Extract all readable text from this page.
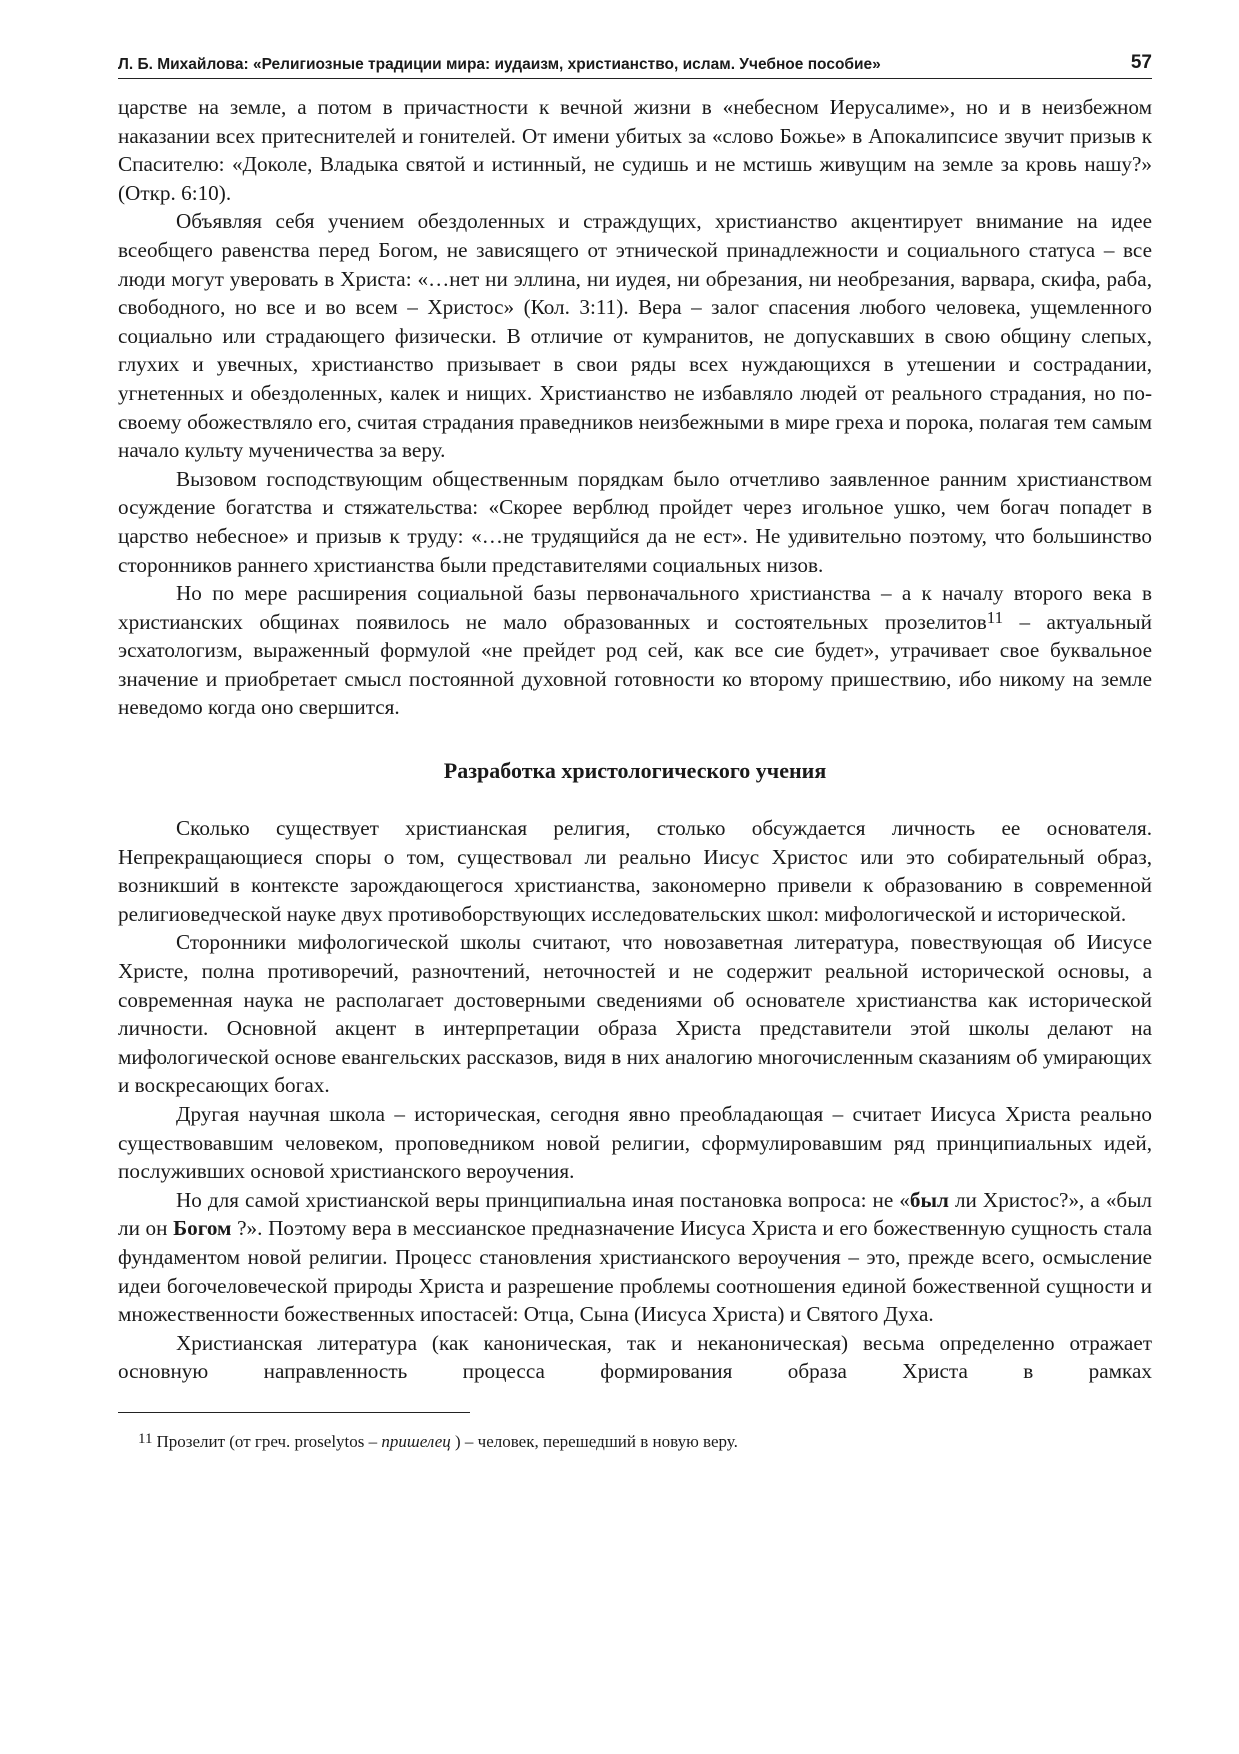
Л. Б. Михайлова: «Религиозные традиции мира: иудаизм, христианство, ислам. Учебное пособие»	57

царстве на земле, а потом в причастности к вечной жизни в «небесном Иерусалиме», но и в неизбежном наказании всех притеснителей и гонителей. От имени убитых за «слово Божье» в Апокалипсисе звучит призыв к Спасителю: «Доколе, Владыка святой и истинный, не судишь и не мстишь живущим на земле за кровь нашу?» (Откр. 6:10).

Объявляя себя учением обездоленных и страждущих, христианство акцентирует внимание на идее всеобщего равенства перед Богом, не зависящего от этнической принадлежности и социального статуса – все люди могут уверовать в Христа: «…нет ни эллина, ни иудея, ни обрезания, ни необрезания, варвара, скифа, раба, свободного, но все и во всем – Христос» (Кол. 3:11). Вера – залог спасения любого человека, ущемленного социально или страдающего физически. В отличие от кумранитов, не допускавших в свою общину слепых, глухих и увечных, христианство призывает в свои ряды всех нуждающихся в утешении и сострадании, угнетенных и обездоленных, калек и нищих. Христианство не избавляло людей от реального страдания, но по-своему обожествляло его, считая страдания праведников неизбежными в мире греха и порока, полагая тем самым начало культу мученичества за веру.

Вызовом господствующим общественным порядкам было отчетливо заявленное ранним христианством осуждение богатства и стяжательства: «Скорее верблюд пройдет через игольное ушко, чем богач попадет в царство небесное» и призыв к труду: «…не трудящийся да не ест». Не удивительно поэтому, что большинство сторонников раннего христианства были представителями социальных низов.

Но по мере расширения социальной базы первоначального христианства – а к началу второго века в христианских общинах появилось не мало образованных и состоятельных прозелитов$^{11}$ – актуальный эсхатологизм, выраженный формулой «не прейдет род сей, как все сие будет», утрачивает свое буквальное значение и приобретает смысл постоянной духовной готовности ко второму пришествию, ибо никому на земле неведомо когда оно свершится.

Разработка христологического учения

Сколько существует христианская религия, столько обсуждается личность ее основателя. Непрекращающиеся споры о том, существовал ли реально Иисус Христос или это собирательный образ, возникший в контексте зарождающегося христианства, закономерно привели к образованию в современной религиоведческой науке двух противоборствующих исследовательских школ: мифологической и исторической.

Сторонники мифологической школы считают, что новозаветная литература, повествующая об Иисусе Христе, полна противоречий, разночтений, неточностей и не содержит реальной исторической основы, а современная наука не располагает достоверными сведениями об основателе христианства как исторической личности. Основной акцент в интерпретации образа Христа представители этой школы делают на мифологической основе евангельских рассказов, видя в них аналогию многочисленным сказаниям об умирающих и воскресающих богах.

Другая научная школа – историческая, сегодня явно преобладающая – считает Иисуса Христа реально существовавшим человеком, проповедником новой религии, сформулировавшим ряд принципиальных идей, послуживших основой христианского вероучения.

Но для самой христианской веры принципиальна иная постановка вопроса: не «был ли Христос?», а «был ли он Богом ?». Поэтому вера в мессианское предназначение Иисуса Христа и его божественную сущность стала фундаментом новой религии. Процесс становления христианского вероучения – это, прежде всего, осмысление идеи богочеловеческой природы Христа и разрешение проблемы соотношения единой божественной сущности и множественности божественных ипостасей: Отца, Сына (Иисуса Христа) и Святого Духа.

Христианская литература (как каноническая, так и неканоническая) весьма определенно отражает основную направленность процесса формирования образа Христа в рамках

$^{11}$ Прозелит (от греч. proselytos – пришелец ) – человек, перешедший в новую веру.
